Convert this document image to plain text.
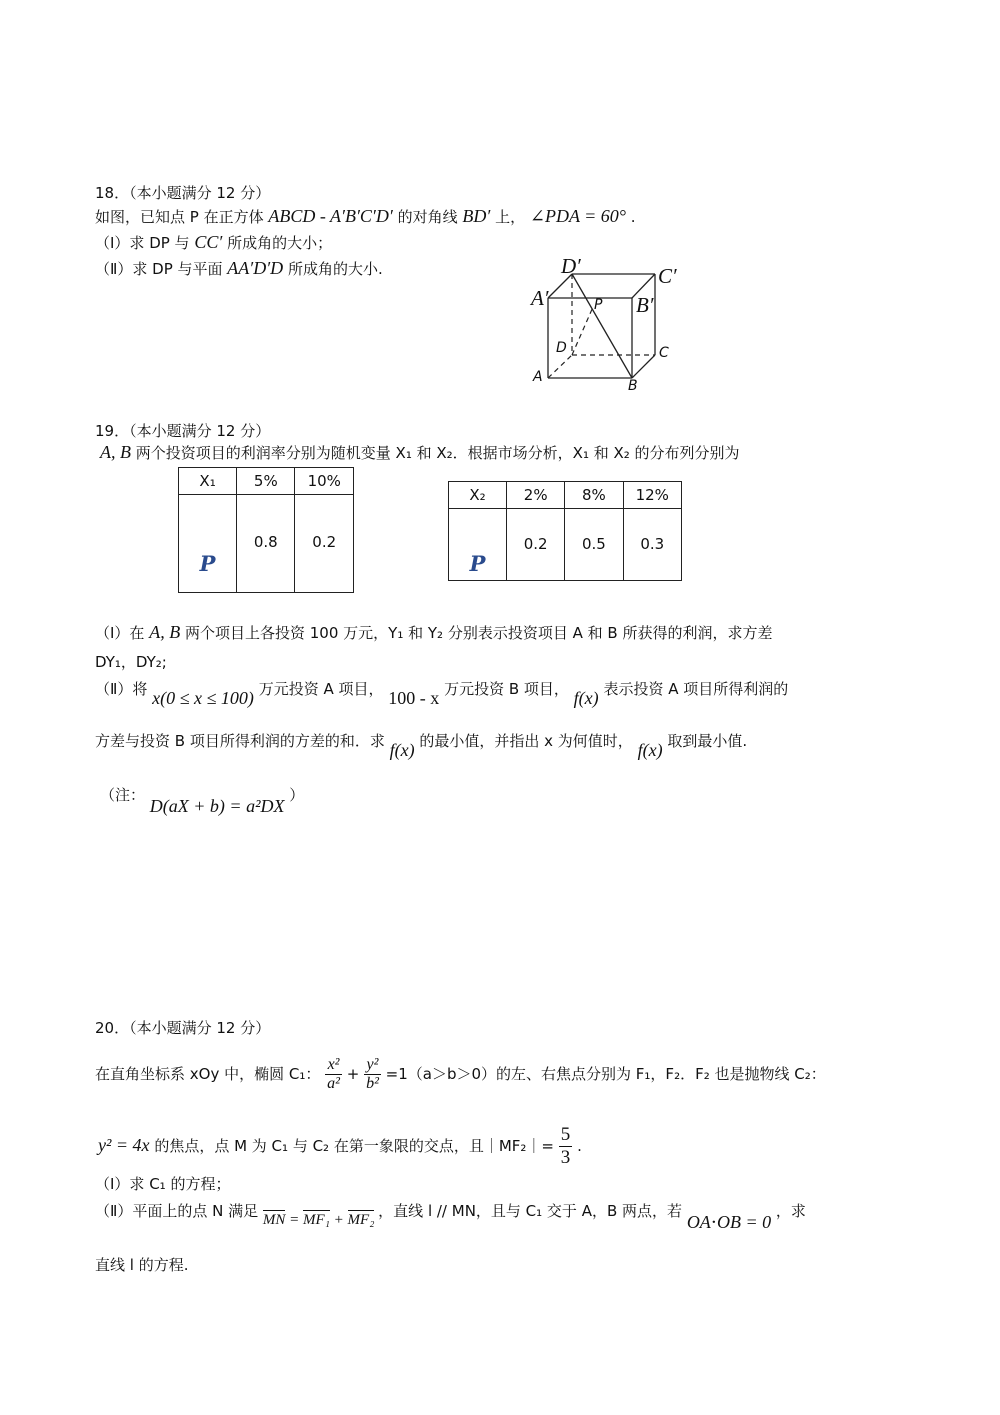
18．（本小题满分 12 分）
如图，已知点 P 在正方体 ABCD - A′B′C′D′ 的对角线 BD′ 上， ∠PDA = 60° .
（Ⅰ）求 DP 与 CC′ 所成角的大小；
（Ⅱ）求 DP 与平面 AA′D′D 所成角的大小.	D′	C′
A′	B′
P
D	C
A
B
19．（本小题满分 12 分）
A, B 两个投资项目的利润率分别为随机变量 X₁ 和 X₂．根据市场分析，X₁ 和 X₂ 的分布列分别为
X₁	5%	10%
P	0.8	0.2
X₂	2%	8%	12%
P	0.2	0.5	0.3
（Ⅰ）在 A, B 两个项目上各投资 100 万元，Y₁ 和 Y₂ 分别表示投资项目 A 和 B 所获得的利润，求方差
DY₁，DY₂;
（Ⅱ）将 x(0 ≤ x ≤ 100) 万元投资 A 项目， 100 - x 万元投资 B 项目， f(x) 表示投资 A 项目所得利润的
方差与投资 B 项目所得利润的方差的和．求 f(x) 的最小值，并指出 x 为何值时， f(x) 取到最小值.
（注： D(aX + b) = a²DX ）
20．（本小题满分 12 分）
在直角坐标系 xOy 中，椭圆 C₁： $\frac{\text{x²}}{\text{a²}} + \frac{\text{y²}}{\text{b²}} =1(a>b>0)$的左、右焦点分别为 F₁，F₂．F₂ 也是抛物线 C₂：
y² = 4x 的焦点，点 M 为 C₁ 与 C₂ 在第一象限的交点，且｜MF₂｜= $\frac{5}{3}$ .
（Ⅰ）求 C₁ 的方程；
（Ⅱ）平面上的点 N 满足 MN = MF₁ + MF₂ ，直线 l // MN，且与 C₁ 交于 A，B 两点，若 OA⋅OB = 0 ，求
直线 l 的方程.
